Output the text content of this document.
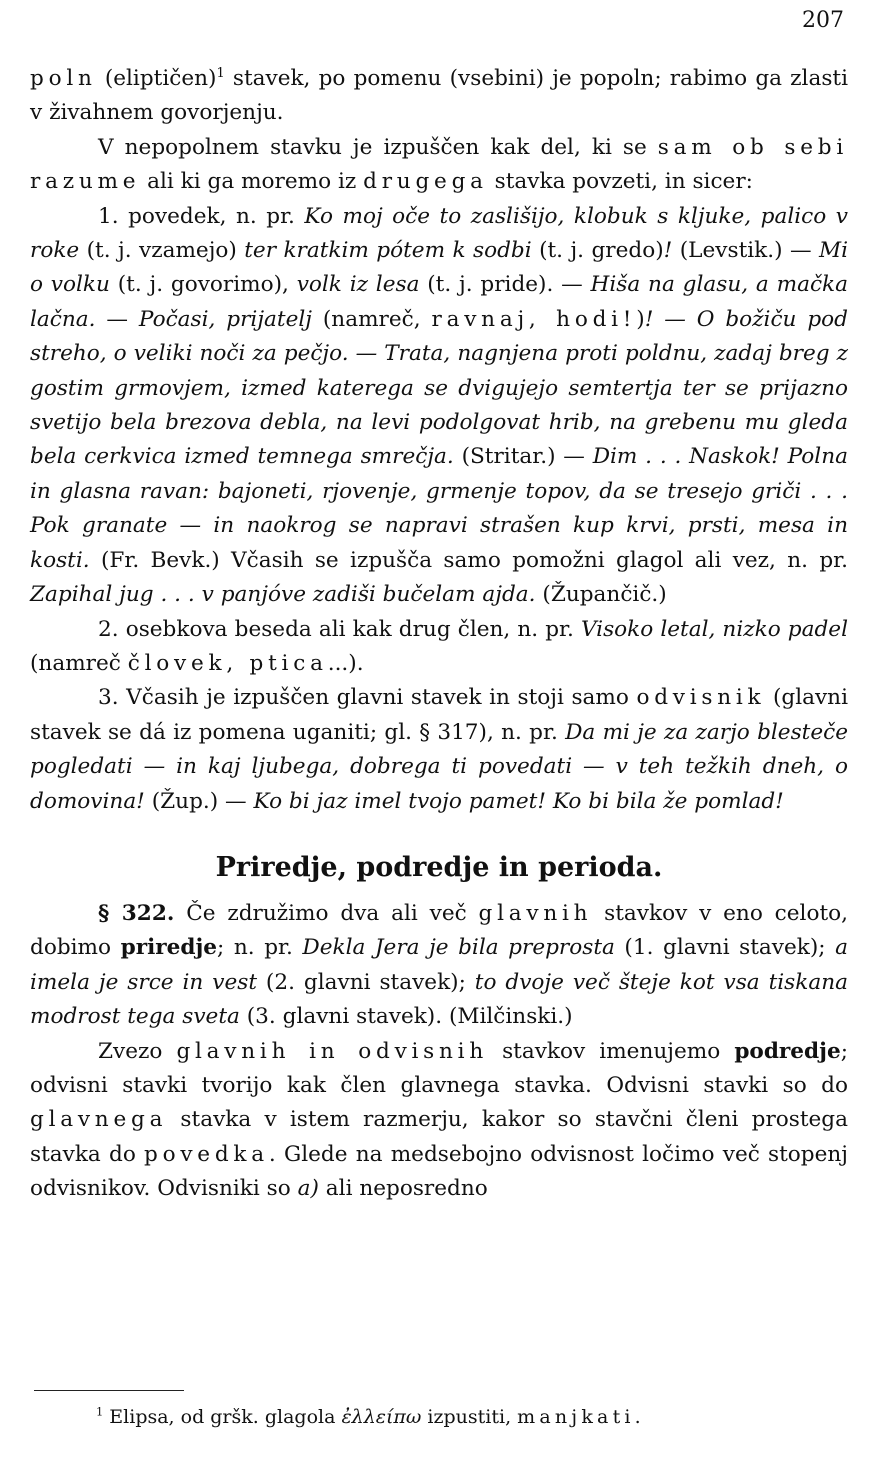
207

poln (eliptičen)$^1$ stavek, po pomenu (vsebini) je popoln; rabimo ga zlasti v živahnem govorjenju.

V nepopolnem stavku je izpuščen kak del, ki se sam ob sebi razume ali ki ga moremo iz drugega stavka povzeti, in sicer:

1. povedek, n. pr. Ko moj oče to zaslišijo, klobuk s kljuke, palico v roke (t. j. vzamejo) ter kratkim pótem k sodbi (t. j. gredo)! (Levstik.) — Mi o volku (t. j. govorimo), volk iz lesa (t. j. pride). — Hiša na glasu, a mačka lačna. — Počasi, prijatelj (namreč, ravnaj, hodi!)! — O božiču pod streho, o veliki noči za pečjo. — Trata, nagnjena proti poldnu, zadaj breg z gostim grmovjem, izmed katerega se dvigujejo semtertja ter se prijazno svetijo bela brezova debla, na levi podolgovat hrib, na grebenu mu gleda bela cerkvica izmed temnega smrečja. (Stritar.) — Dim . . . Naskok! Polna in glasna ravan: bajoneti, rjovenje, grmenje topov, da se tresejo griči . . . Pok granate — in naokrog se napravi strašen kup krvi, prsti, mesa in kosti. (Fr. Bevk.) Včasih se izpušča samo pomožni glagol ali vez, n. pr. Zapihal jug . . . v panjóve zadiši bučelam ajda. (Župančič.)

2. osebkova beseda ali kak drug člen, n. pr. Visoko letal, nizko padel (namreč človek, ptica...).

3. Včasih je izpuščen glavni stavek in stoji samo odvisnik (glavni stavek se dá iz pomena uganiti; gl. § 317), n. pr. Da mi je za zarjo blesteče pogledati — in kaj ljubega, dobrega ti povedati — v teh težkih dneh, o domovina! (Žup.) — Ko bi jaz imel tvojo pamet! Ko bi bila že pomlad!

Priredje, podredje in perioda.

§ 322. Če združimo dva ali več glavnih stavkov v eno celoto, dobimo priredje; n. pr. Dekla Jera je bila preprosta (1. glavni stavek); a imela je srce in vest (2. glavni stavek); to dvoje več šteje kot vsa tiskana modrost tega sveta (3. glavni stavek). (Milčinski.)

Zvezo glavnih in odvisnih stavkov imenujemo podredje; odvisni stavki tvorijo kak člen glavnega stavka. Odvisni stavki so do glavnega stavka v istem razmerju, kakor so stavčni členi prostega stavka do povedka. Glede na medsebojno odvisnost ločimo več stopenj odvisnikov. Odvisniki so a) ali neposredno

$^1$ Elipsa, od gršk. glagola ἐλλείπω izpustiti, manjkati.
